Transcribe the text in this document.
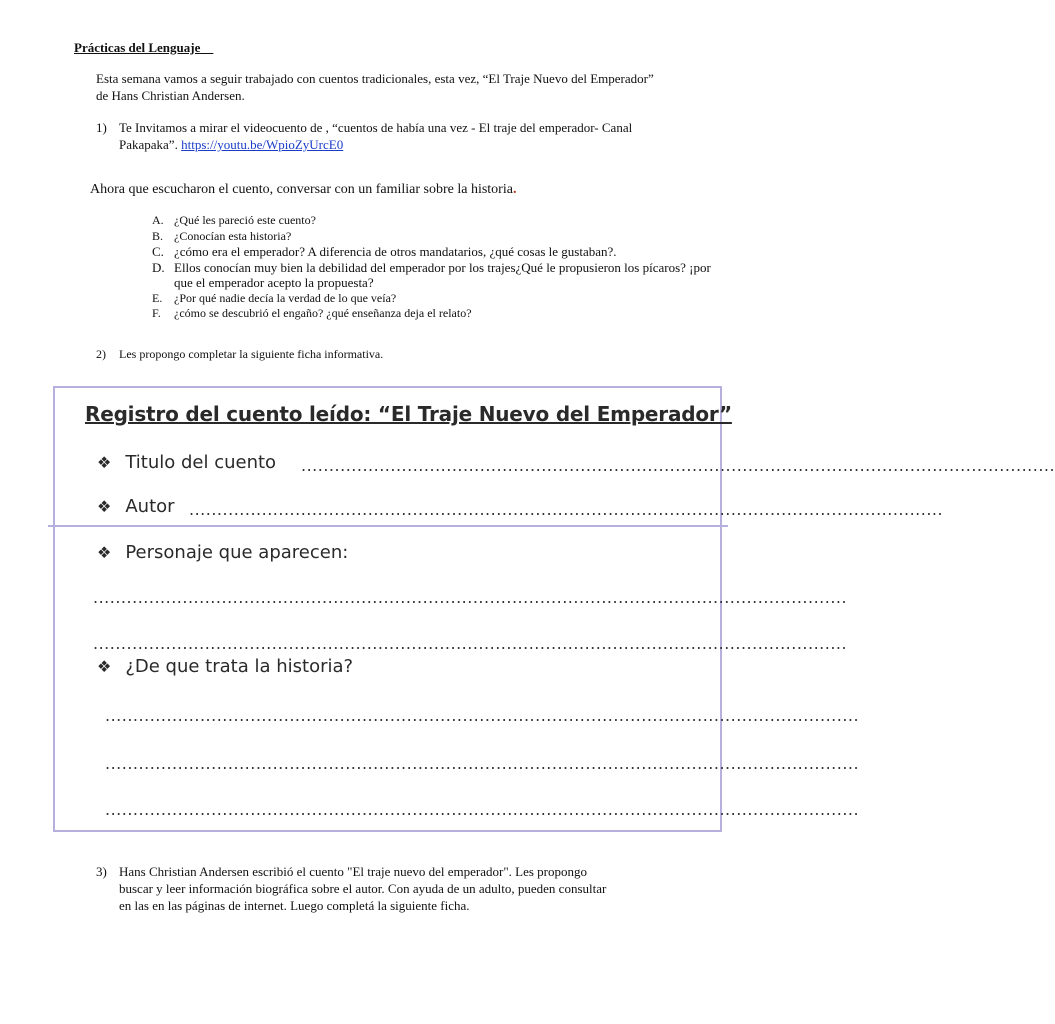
Prácticas del Lenguaje
Esta semana vamos a seguir trabajado con cuentos tradicionales, esta vez, “El Traje Nuevo del Emperador” de Hans Christian Andersen.
1) Te Invitamos a mirar el videocuento de , “cuentos de había una vez - El traje del emperador- Canal Pakapaka”. https://youtu.be/WpioZyUrcE0
Ahora que escucharon el cuento, conversar con un familiar sobre la historia.
A. ¿Qué les pareció este cuento?
B. ¿Conocían esta historia?
C. ¿cómo era el emperador? A diferencia de otros mandatarios, ¿qué cosas le gustaban?.
D. Ellos conocían muy bien la debilidad del emperador por los trajes¿Qué le propusieron los pícaros? ¡por que el emperador acepto la propuesta?
E. ¿Por qué nadie decía la verdad de lo que veía?
F. ¿cómo se descubrió el engaño? ¿qué enseñanza deja el relato?
2) Les propongo completar la siguiente ficha informativa.
Registro del cuento leído: “El Traje Nuevo del Emperador”
❖ Titulo del cuento .......................................................................................................................................
❖ Autor .......................................................................................................................................
❖ Personaje que aparecen:
.......................................................................................................................................
.......................................................................................................................................
❖ ¿De que trata la historia?
.......................................................................................................................................
.......................................................................................................................................
.......................................................................................................................................
3) Hans Christian Andersen escribió el cuento "El traje nuevo del emperador". Les propongo buscar y leer información biográfica sobre el autor. Con ayuda de un adulto, pueden consultar en las en las páginas de internet. Luego completá la siguiente ficha.
